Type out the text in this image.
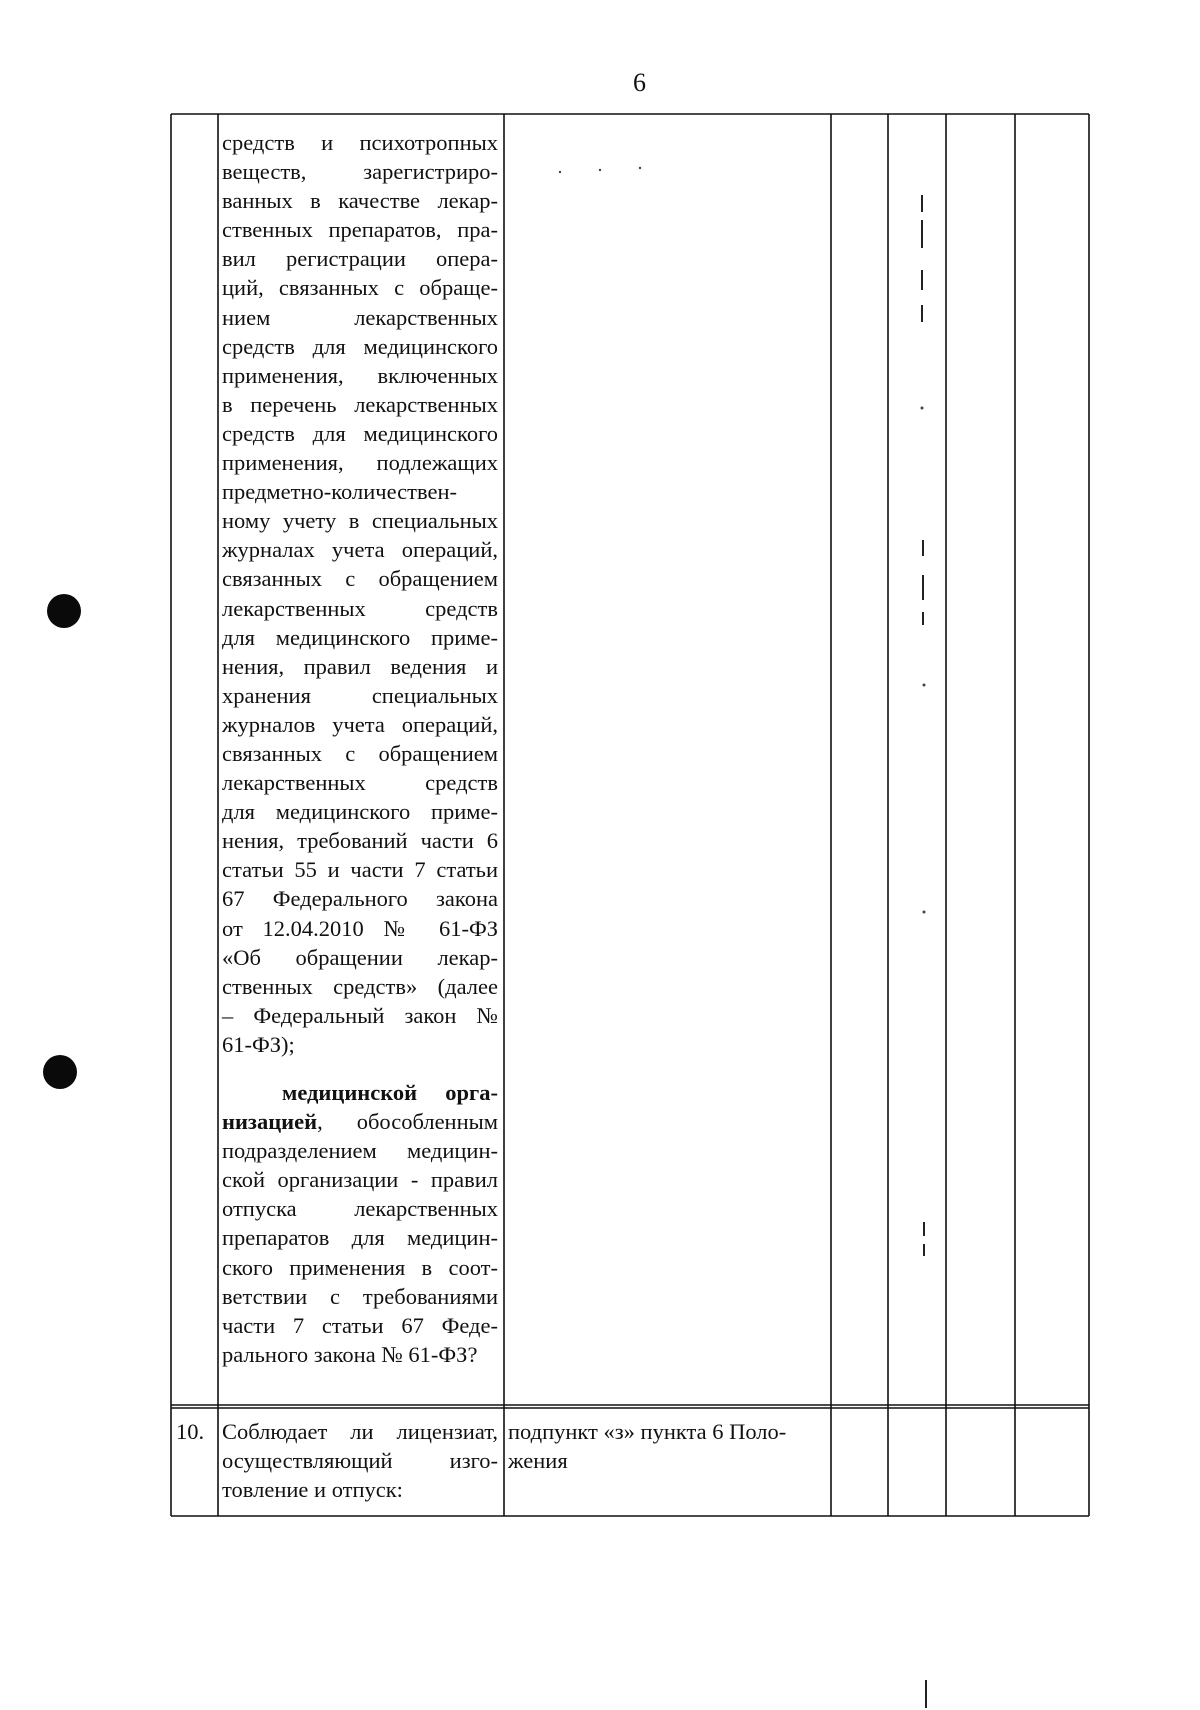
6
средств и психотропных
веществ, зарегистриро-
ванных в качестве лекар-
ственных препаратов, пра-
вил регистрации опера-
ций, связанных с обраще-
нием лекарственных
средств для медицинского
применения, включенных
в перечень лекарственных
средств для медицинского
применения, подлежащих
предметно-количествен-
ному учету в специальных
журналах учета операций,
связанных с обращением
лекарственных средств
для медицинского приме-
нения, правил ведения и
хранения специальных
журналов учета операций,
связанных с обращением
лекарственных средств
для медицинского приме-
нения, требований части 6
статьи 55 и части 7 статьи
67 Федерального закона
от 12.04.2010 № 61-ФЗ
«Об обращении лекар-
ственных средств» (далее
– Федеральный закон №
61-ФЗ);
медицинской орга-
низацией, обособленным
подразделением медицин-
ской организации - правил
отпуска лекарственных
препаратов для медицин-
ского применения в соот-
ветствии с требованиями
части 7 статьи 67 Феде-
рального закона № 61-ФЗ?
10. Соблюдает ли лицензиат,
осуществляющий изго-
товление и отпуск:
подпункт «з» пункта 6 Поло-
жения
